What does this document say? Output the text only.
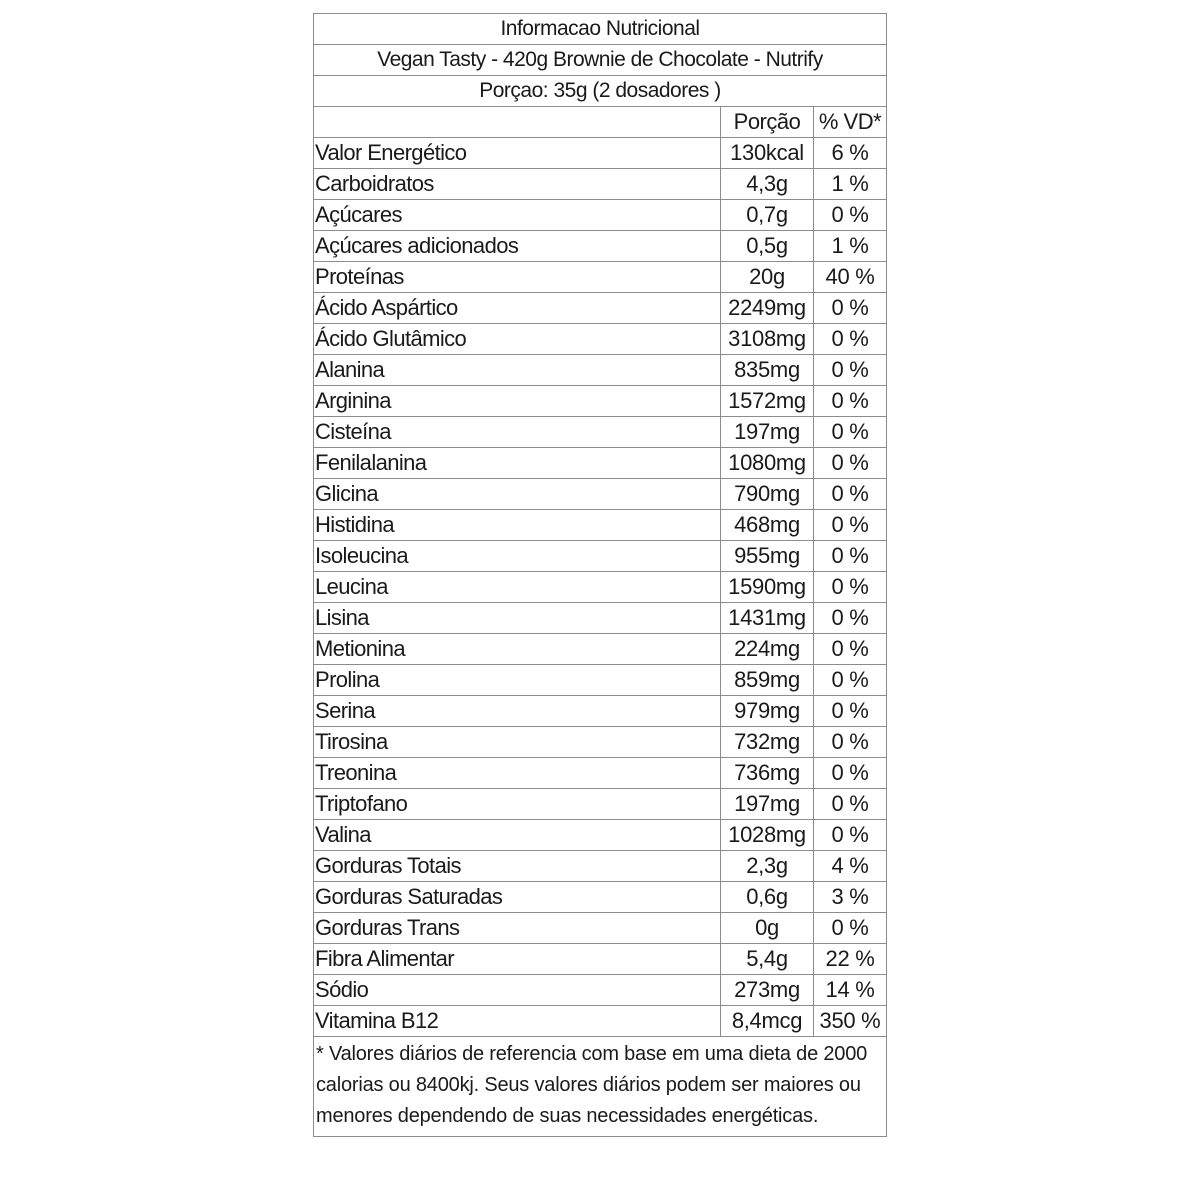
Informacao Nutricional		
Vegan Tasty - 420g Brownie de Chocolate - Nutrify		
Porçao: 35g (2 dosadores )		
	Porção	% VD*
Valor Energético	130kcal	6 %
Carboidratos	4,3g	1 %
Açúcares	0,7g	0 %
Açúcares adicionados	0,5g	1 %
Proteínas	20g	40 %
Ácido Aspártico	2249mg	0 %
Ácido Glutâmico	3108mg	0 %
Alanina	835mg	0 %
Arginina	1572mg	0 %
Cisteína	197mg	0 %
Fenilalanina	1080mg	0 %
Glicina	790mg	0 %
Histidina	468mg	0 %
Isoleucina	955mg	0 %
Leucina	1590mg	0 %
Lisina	1431mg	0 %
Metionina	224mg	0 %
Prolina	859mg	0 %
Serina	979mg	0 %
Tirosina	732mg	0 %
Treonina	736mg	0 %
Triptofano	197mg	0 %
Valina	1028mg	0 %
Gorduras Totais	2,3g	4 %
Gorduras Saturadas	0,6g	3 %
Gorduras Trans	0g	0 %
Fibra Alimentar	5,4g	22 %
Sódio	273mg	14 %
Vitamina B12	8,4mcg	350 %
* Valores diários de referencia com base em uma dieta de 2000 calorias ou 8400kj. Seus valores diários podem ser maiores ou menores dependendo de suas necessidades energéticas.		
